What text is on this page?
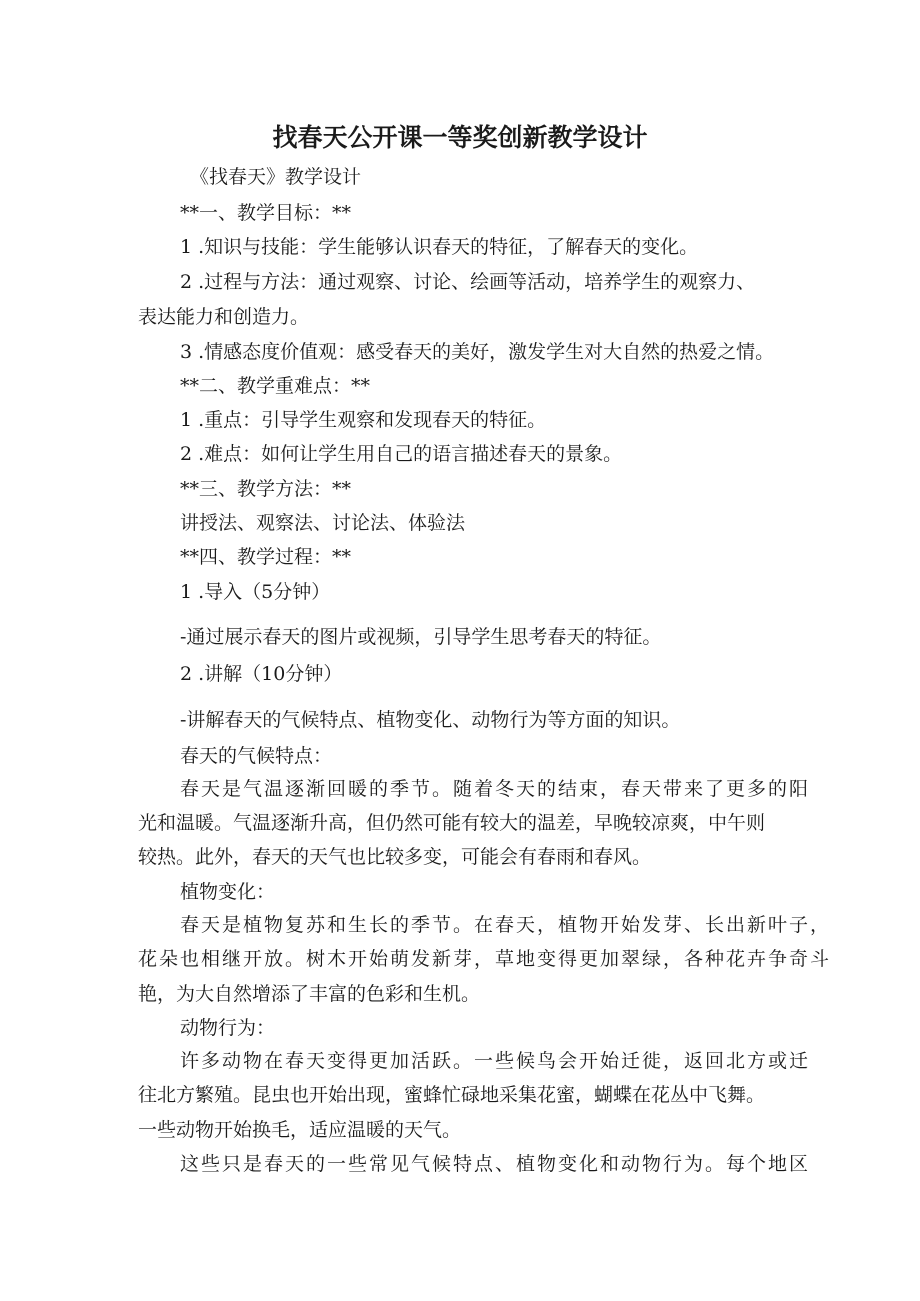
找春天公开课一等奖创新教学设计
《找春天》教学设计
**一、教学目标：**
1 .知识与技能：学生能够认识春天的特征，了解春天的变化。
2 .过程与方法：通过观察、讨论、绘画等活动，培养学生的观察力、
表达能力和创造力。
3 .情感态度价值观：感受春天的美好，激发学生对大自然的热爱之情。
**二、教学重难点：**
1 .重点：引导学生观察和发现春天的特征。
2 .难点：如何让学生用自己的语言描述春天的景象。
**三、教学方法：**
讲授法、观察法、讨论法、体验法
**四、教学过程：**
1 .导入（5分钟）
-通过展示春天的图片或视频，引导学生思考春天的特征。
2 .讲解（10分钟）
-讲解春天的气候特点、植物变化、动物行为等方面的知识。
春天的气候特点：
春天是气温逐渐回暖的季节。随着冬天的结束，春天带来了更多的阳
光和温暖。气温逐渐升高，但仍然可能有较大的温差，早晚较凉爽，中午则
较热。此外，春天的天气也比较多变，可能会有春雨和春风。
植物变化：
春天是植物复苏和生长的季节。在春天，植物开始发芽、长出新叶子，
花朵也相继开放。树木开始萌发新芽，草地变得更加翠绿，各种花卉争奇斗
艳，为大自然增添了丰富的色彩和生机。
动物行为：
许多动物在春天变得更加活跃。一些候鸟会开始迁徙，返回北方或迁
往北方繁殖。昆虫也开始出现，蜜蜂忙碌地采集花蜜，蝴蝶在花丛中飞舞。
一些动物开始换毛，适应温暖的天气。
这些只是春天的一些常见气候特点、植物变化和动物行为。每个地区
